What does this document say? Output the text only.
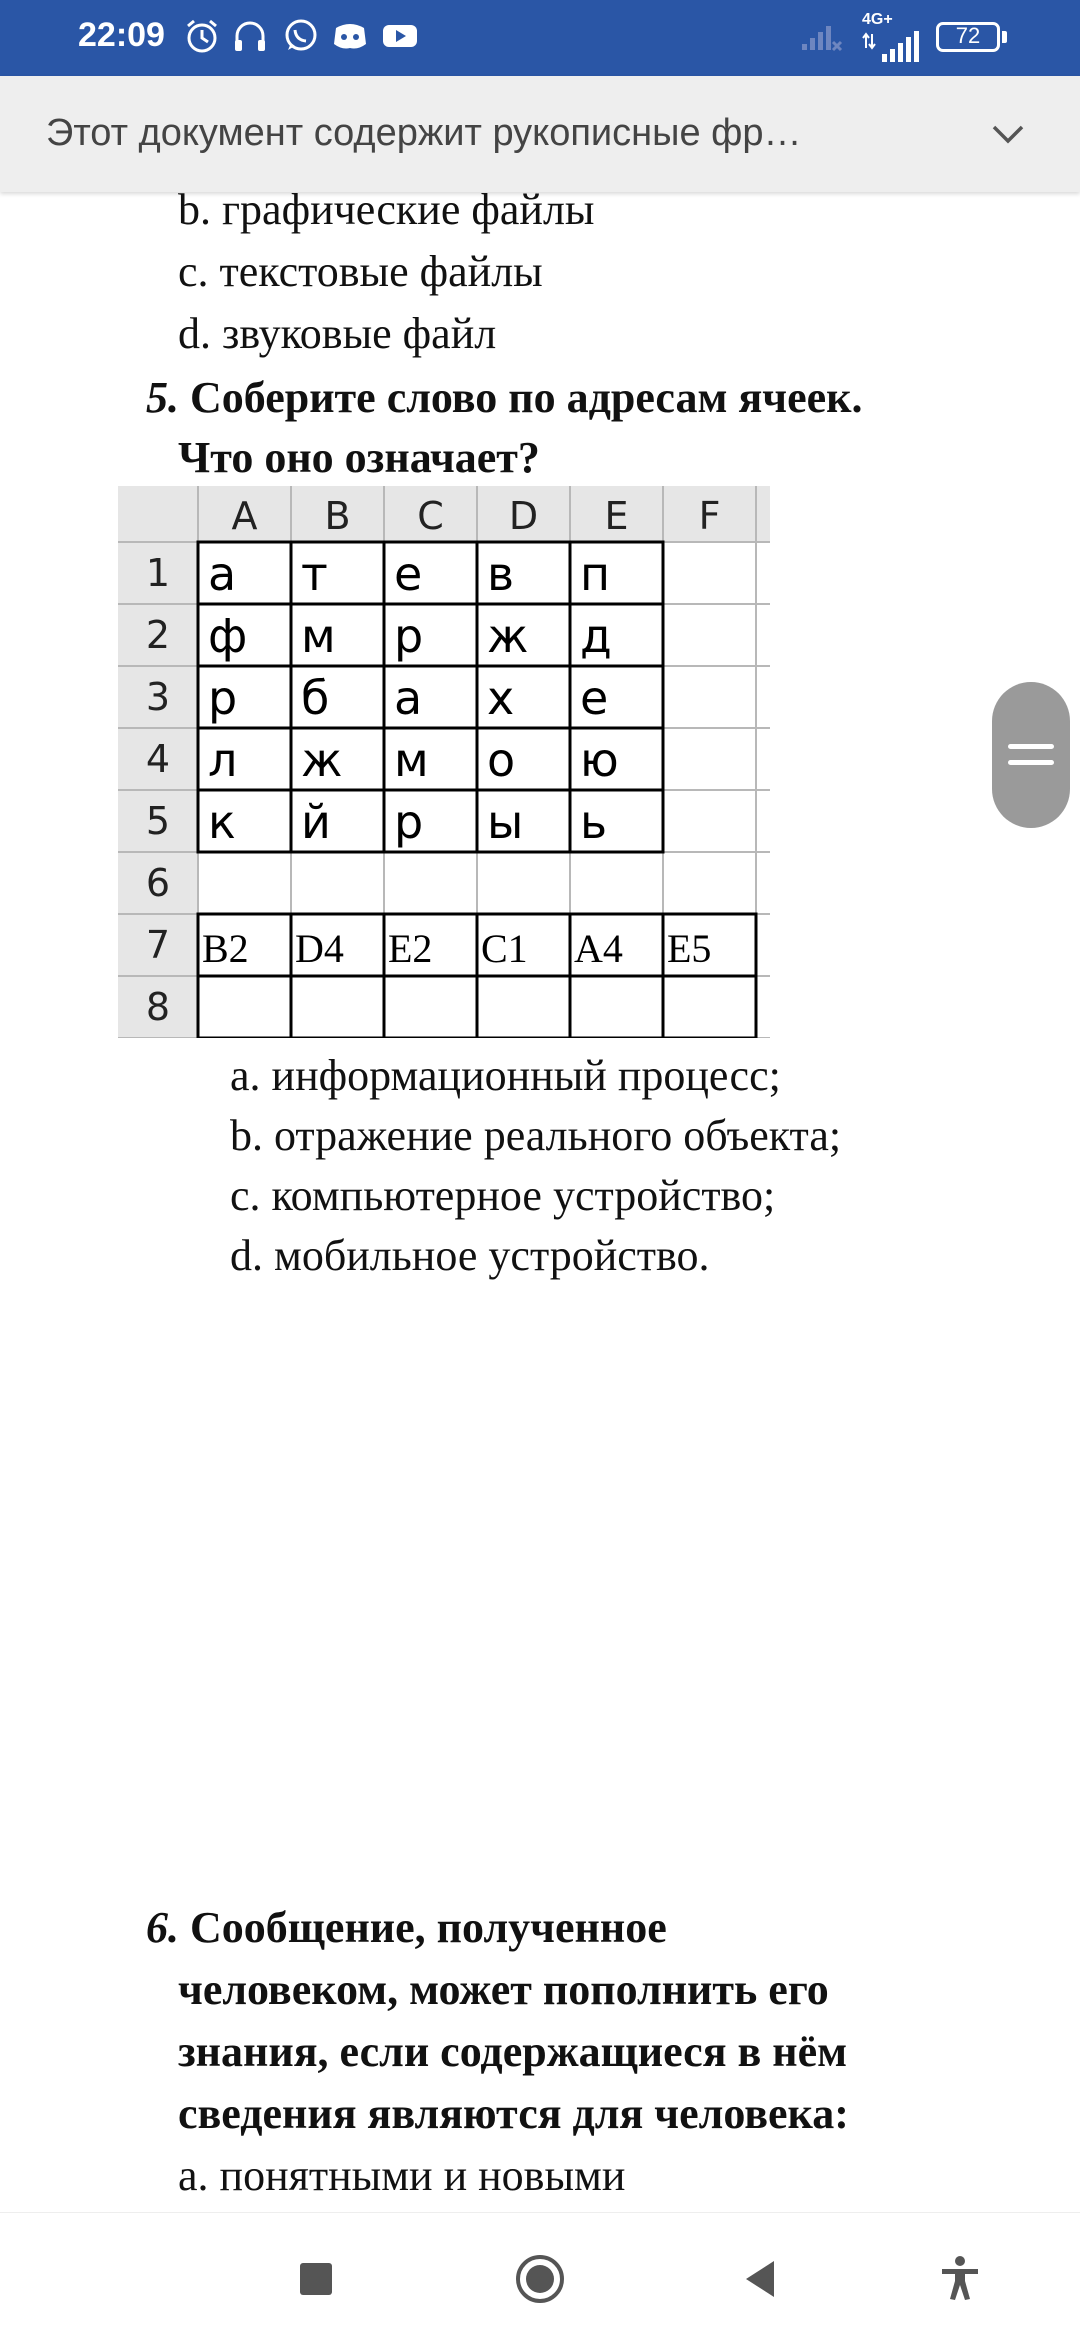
22:09	4G+
72
Этот документ содержит рукописные фр…
b. графические файлы
c. текстовые файлы
d. звуковые файл
5. Соберите слово по адресам ячеек.
Что оно означает?
A B C D E F
1
2
3
4
5
6
7
8
а т е в п
ф м р ж д
р б а х е
л ж м о ю
к й р ы ь
B2 D4 E2 C1 A4 E5
a. информационный процесс;
b. отражение реального объекта;
c. компьютерное устройство;
d. мобильное устройство.
6. Сообщение, полученное
человеком, может пополнить его
знания, если содержащиеся в нём
сведения являются для человека:
a. понятными и новыми
